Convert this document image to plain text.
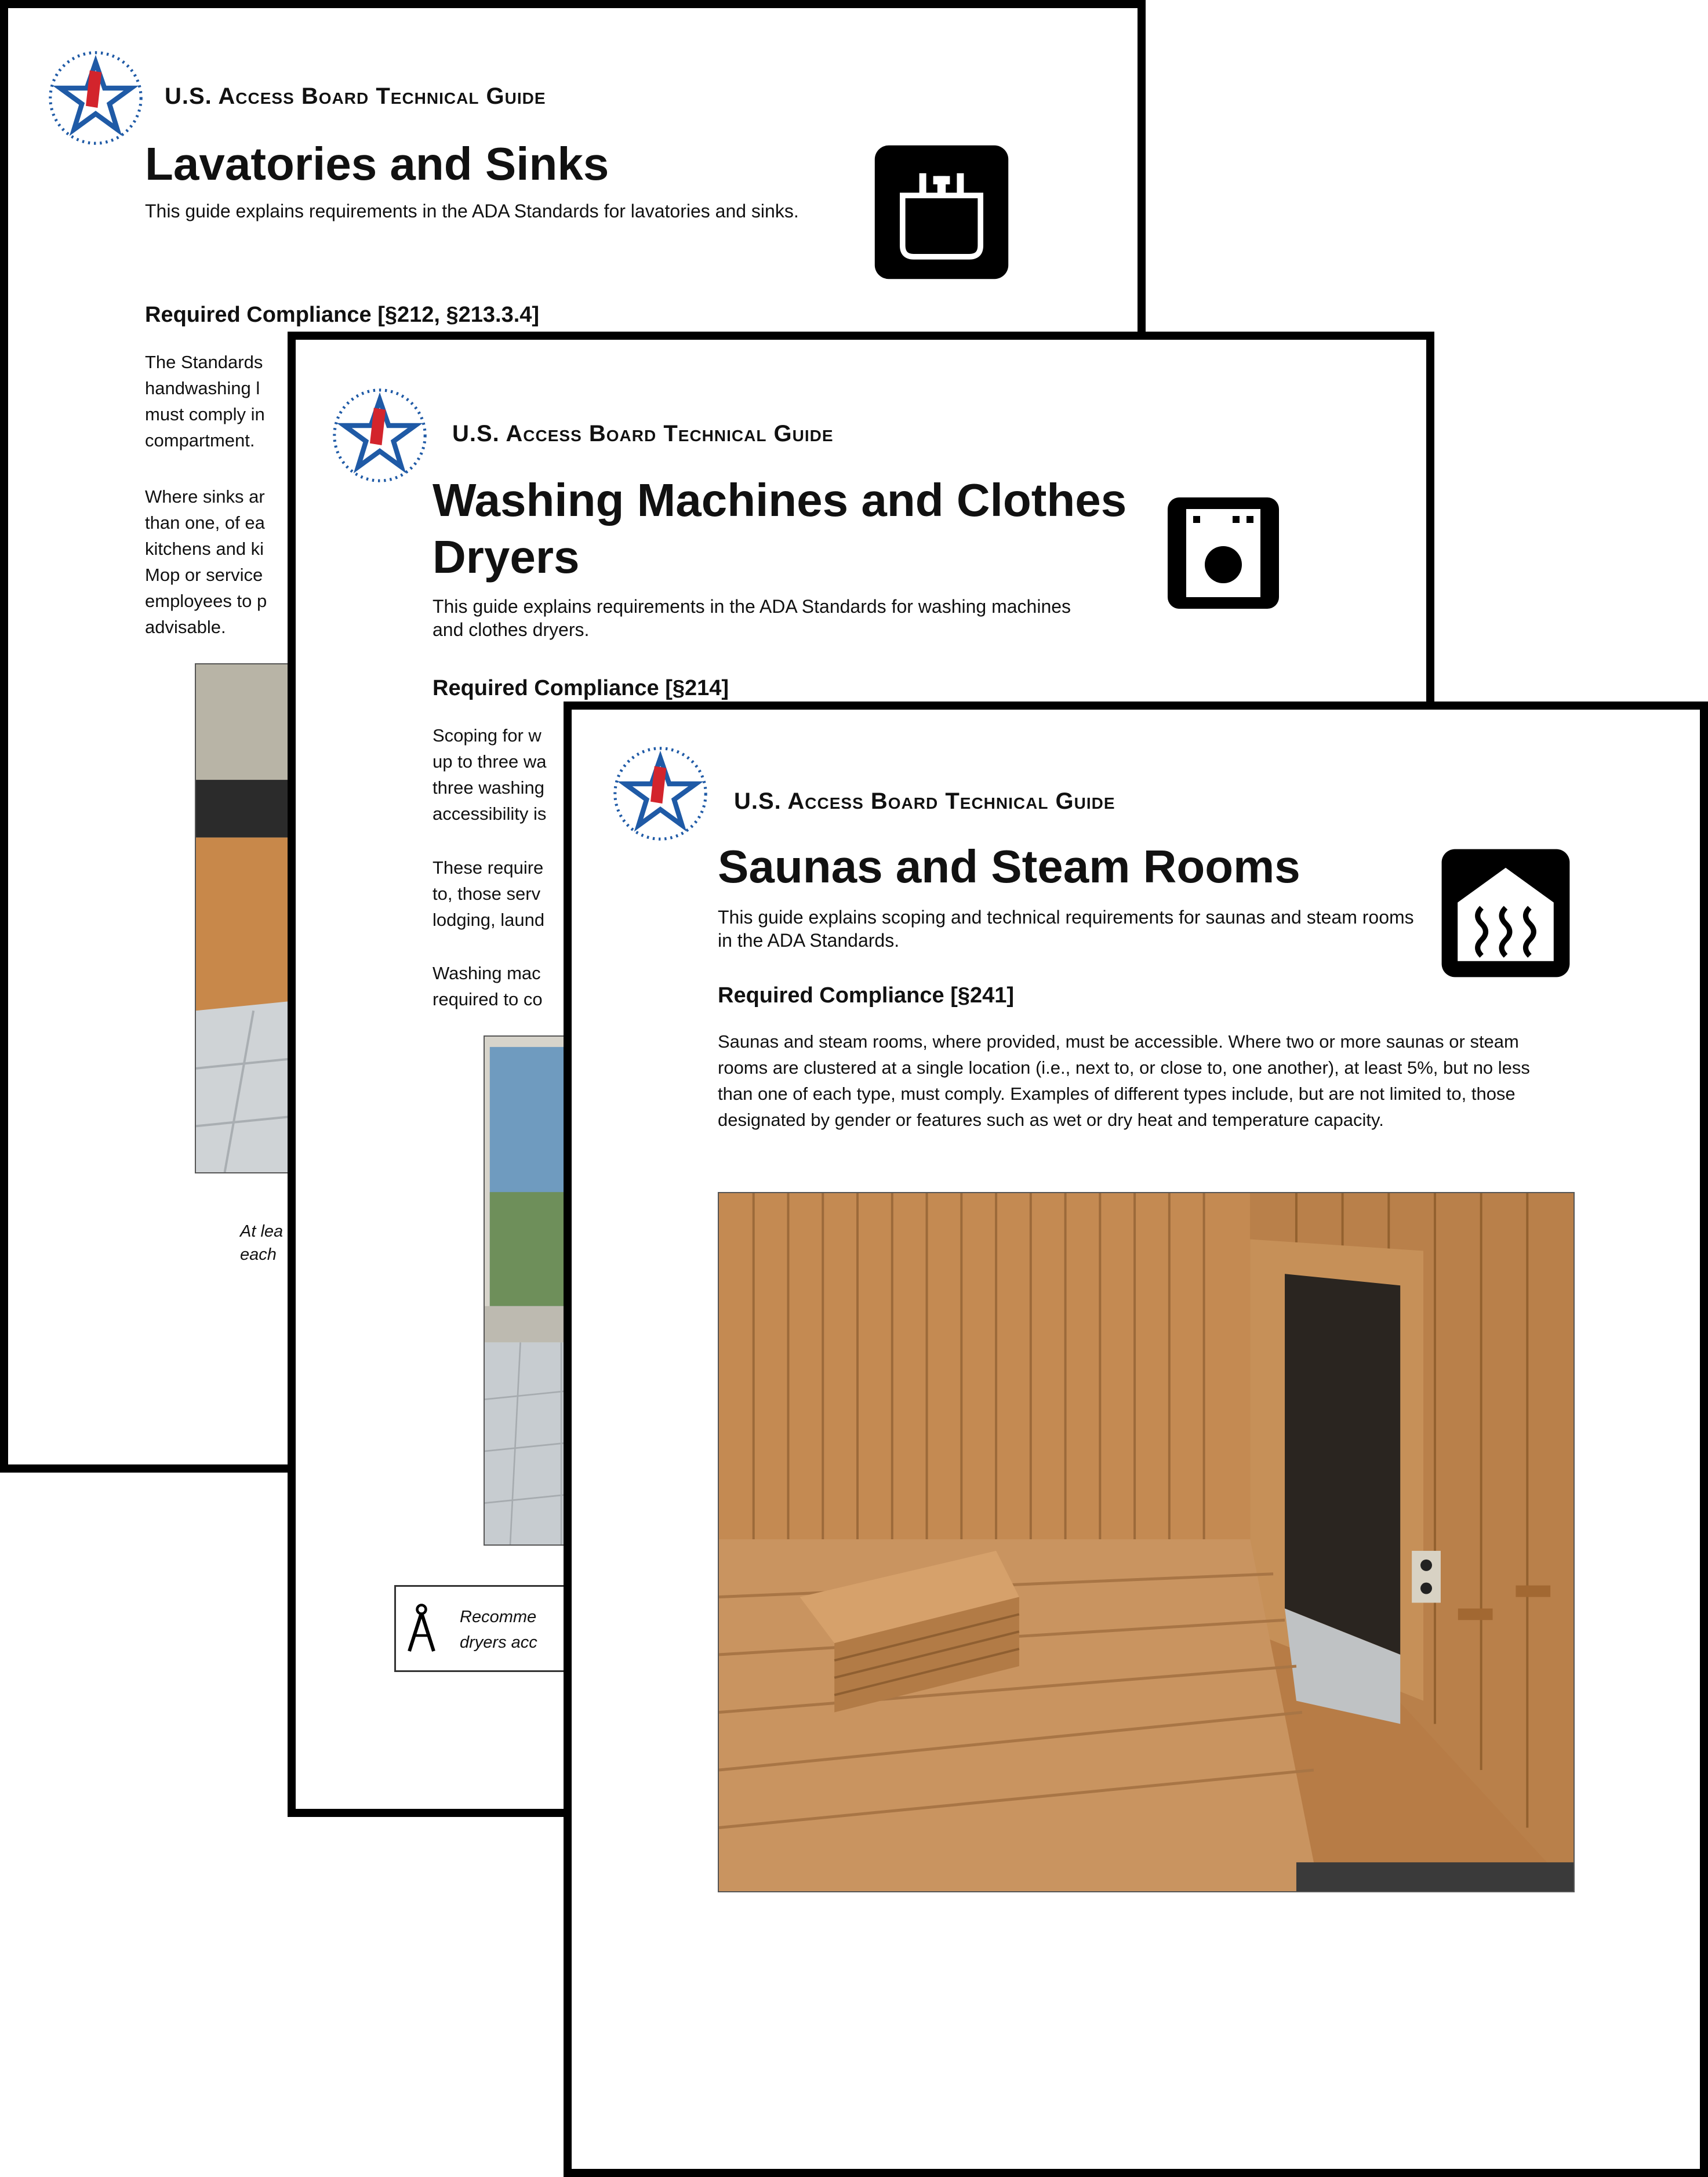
U.S. Access Board Technical Guide
Lavatories and Sinks
This guide explains requirements in the ADA Standards for lavatories and sinks.
Required Compliance [§212, §213.3.4]
The Standards
handwashing l
must comply in
compartment.
Where sinks ar
than one, of ea
kitchens and ki
Mop or service
employees to p
advisable.
At lea
each
U.S. Access Board Technical Guide
Washing Machines and Clothes
Dryers
This guide explains requirements in the ADA Standards for washing machines and clothes dryers.
Required Compliance [§214]
Scoping for w
up to three wa
three washing
accessibility is
These require
to, those serv
lodging, laund
Washing mac
required to co
Recomme
dryers acc
U.S. Access Board Technical Guide
Saunas and Steam Rooms
This guide explains scoping and technical requirements for saunas and steam rooms in the ADA Standards.
Required Compliance [§241]
Saunas and steam rooms, where provided, must be accessible. Where two or more saunas or steam rooms are clustered at a single location (i.e., next to, or close to, one another), at least 5%, but no less than one of each type, must comply. Examples of different types include, but are not limited to, those designated by gender or features such as wet or dry heat and temperature capacity.
